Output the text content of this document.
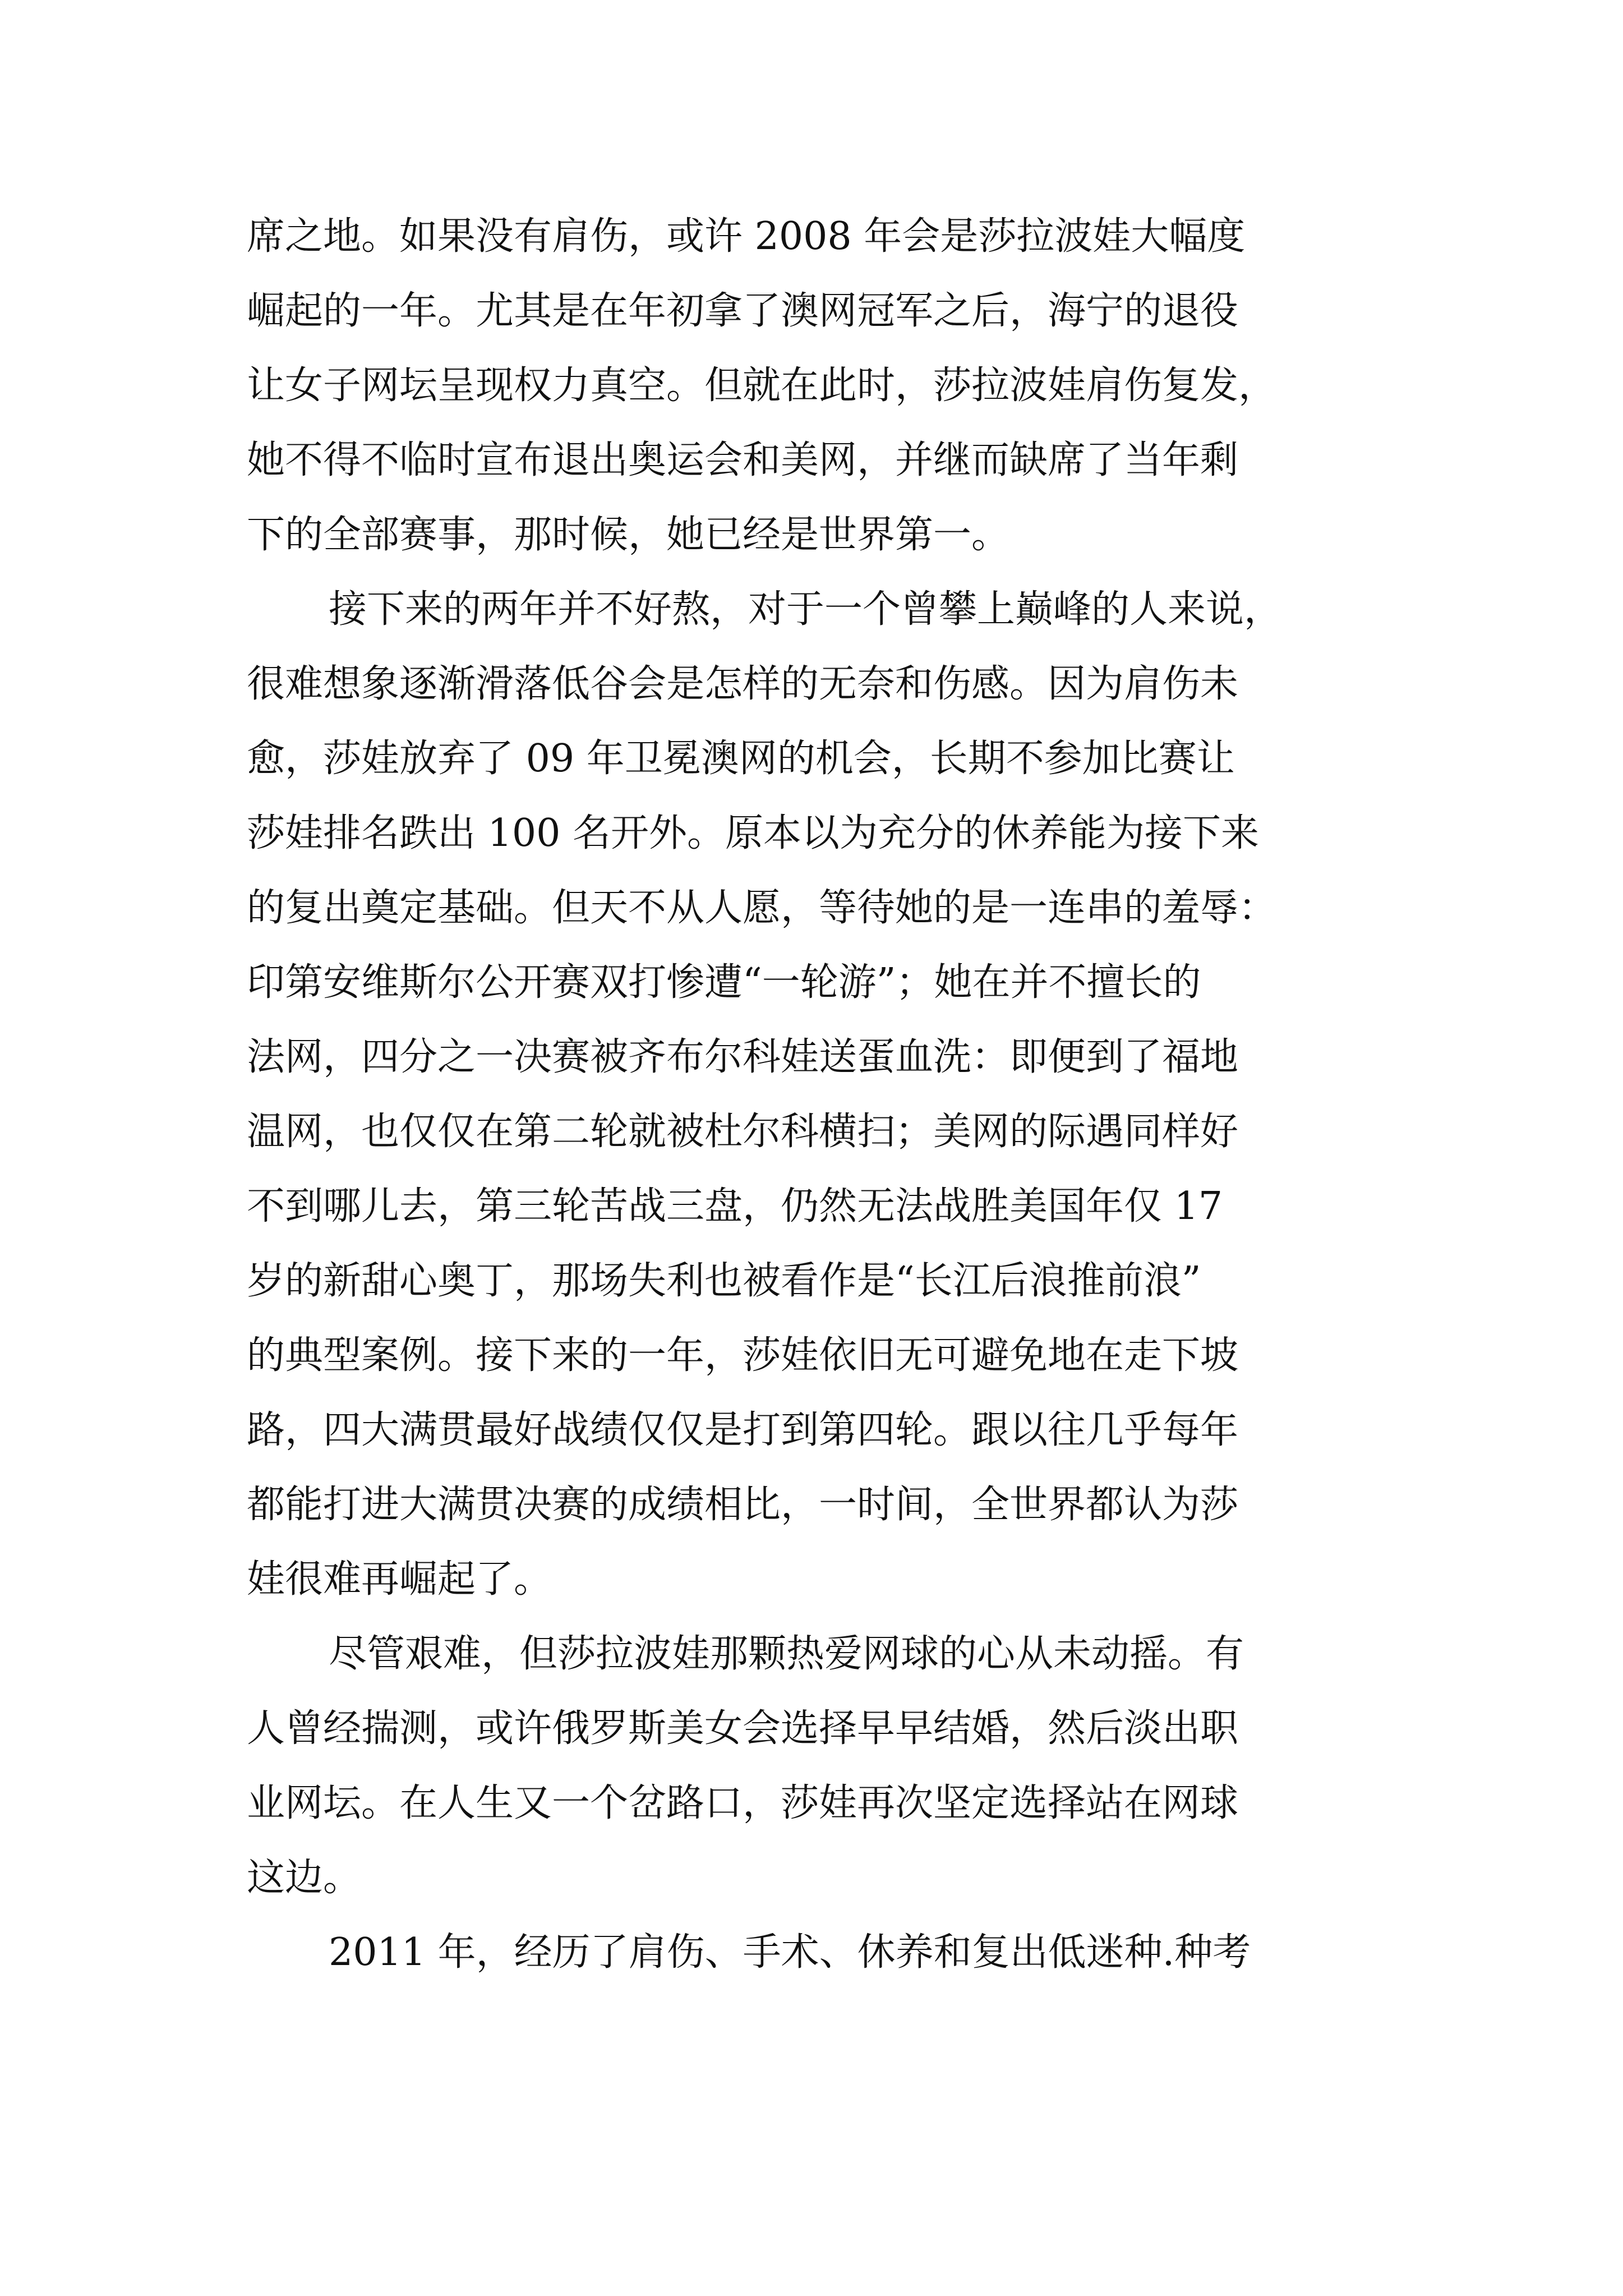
席之地。如果没有肩伤，或许 2008 年会是莎拉波娃大幅度
崛起的一年。尤其是在年初拿了澳网冠军之后，海宁的退役
让女子网坛呈现权力真空。但就在此时，莎拉波娃肩伤复发，
她不得不临时宣布退出奥运会和美网，并继而缺席了当年剩
下的全部赛事，那时候，她已经是世界第一。
接下来的两年并不好熬，对于一个曾攀上巅峰的人来说，
很难想象逐渐滑落低谷会是怎样的无奈和伤感。因为肩伤未
愈，莎娃放弃了 09 年卫冕澳网的机会，长期不参加比赛让
莎娃排名跌出 100 名开外。原本以为充分的休养能为接下来
的复出奠定基础。但天不从人愿，等待她的是一连串的羞辱：
印第安维斯尔公开赛双打惨遭“一轮游”；她在并不擅长的
法网，四分之一决赛被齐布尔科娃送蛋血洗：即便到了福地
温网，也仅仅在第二轮就被杜尔科横扫；美网的际遇同样好
不到哪儿去，第三轮苦战三盘，仍然无法战胜美国年仅 17
岁的新甜心奥丁，那场失利也被看作是“长江后浪推前浪”
的典型案例。接下来的一年，莎娃依旧无可避免地在走下坡
路，四大满贯最好战绩仅仅是打到第四轮。跟以往几乎每年
都能打进大满贯决赛的成绩相比，一时间，全世界都认为莎
娃很难再崛起了。
尽管艰难，但莎拉波娃那颗热爱网球的心从未动摇。有
人曾经揣测，或许俄罗斯美女会选择早早结婚，然后淡出职
业网坛。在人生又一个岔路口，莎娃再次坚定选择站在网球
这边。
2011 年，经历了肩伤、手术、休养和复出低迷种.种考
